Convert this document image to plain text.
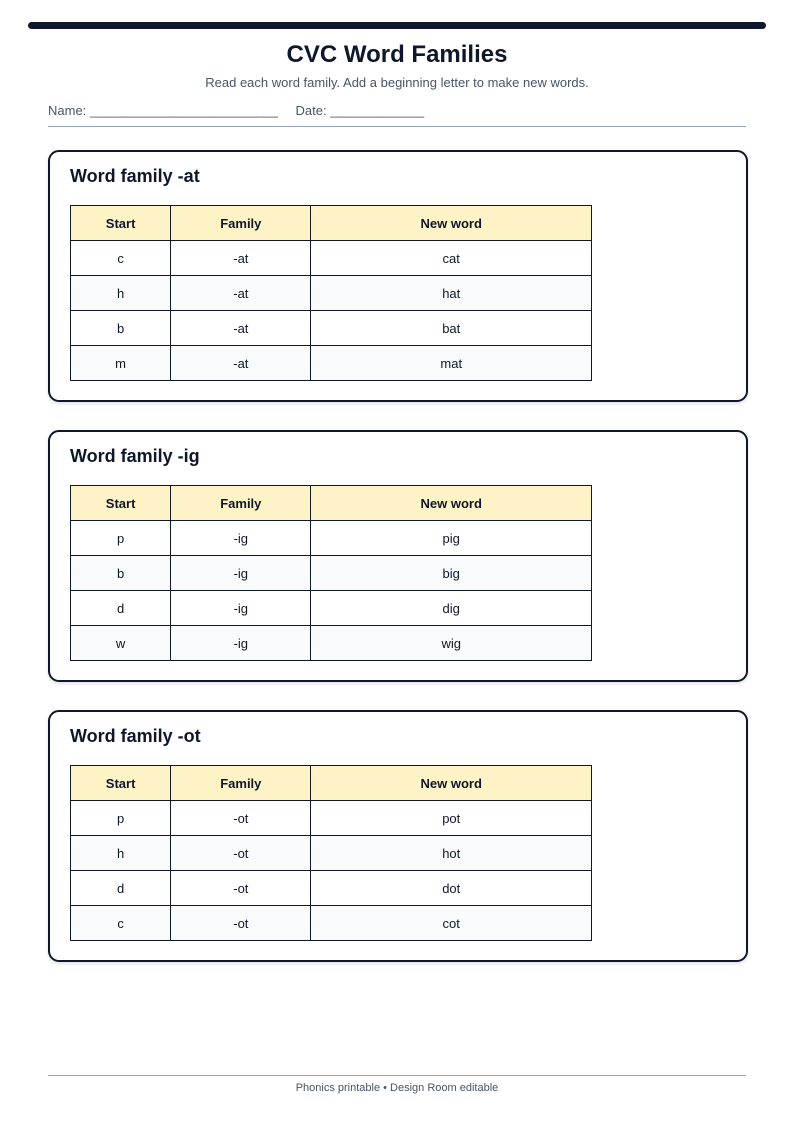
CVC Word Families
Read each word family. Add a beginning letter to make new words.
Name: __________________________ Date: _____________
Word family -at
Start	Family	New word
c	-at	cat
h	-at	hat
b	-at	bat
m	-at	mat
Word family -ig
Start	Family	New word
p	-ig	pig
b	-ig	big
d	-ig	dig
w	-ig	wig
Word family -ot
Start	Family	New word
p	-ot	pot
h	-ot	hot
d	-ot	dot
c	-ot	cot
Phonics printable • Design Room editable
